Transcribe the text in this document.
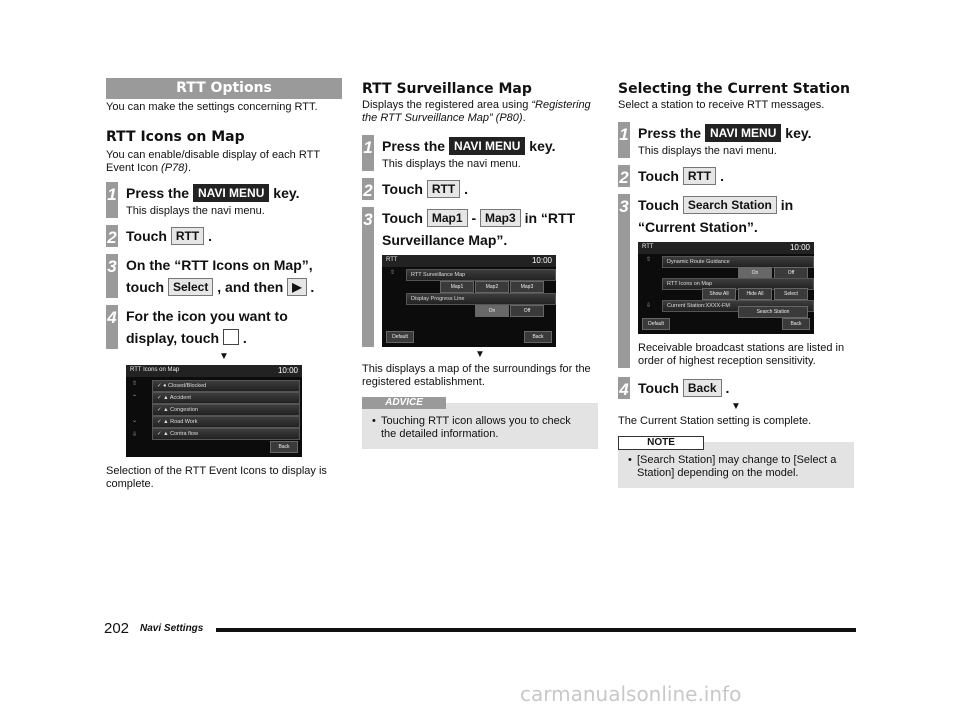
RTT Options
You can make the settings concerning RTT.
RTT Icons on Map
You can enable/disable display of each RTT Event Icon (P78).
1 Press the NAVI MENU key.
This displays the navi menu.
2 Touch RTT .
3 On the “RTT Icons on Map”,
touch Select , and then ▶ .
4 For the icon you want to
display, touch .
▼
RTT Icons on Map	10:00
⇧
⌃
⌄
⇩
✓ ● Closed/Blocked
✓ ▲ Accident
✓ ▲ Congestion
✓ ▲ Road Work
✓ ▲ Contra flow
Back
Selection of the RTT Event Icons to display is complete.
RTT Surveillance Map
Displays the registered area using “Registering the RTT Surveillance Map” (P80).
1 Press the NAVI MENU key.
This displays the navi menu.
2 Touch RTT .
3 Touch Map1 - Map3 in “RTT
Surveillance Map”.
RTT	10:00
⇧	RTT Surveillance Map
Map1	Map2	Map3
Display Progress Line
On	Off
Default	Back
▼
This displays a map of the surroundings for the registered establishment.
ADVICE
• Touching RTT icon allows you to check the detailed information.
Selecting the Current Station
Select a station to receive RTT messages.
1 Press the NAVI MENU key.
This displays the navi menu.
2 Touch RTT .
3 Touch Search Station in
“Current Station”.
RTT	10:00
⇧
⇩
Dynamic Route Guidance
On	Off
RTT Icons on Map
Show All	Hide All	Select
Current Station:XXXX-FM
Search Station
Default	Back
Receivable broadcast stations are listed in order of highest reception sensitivity.
4 Touch Back .
▼
The Current Station setting is complete.
NOTE
• [Search Station] may change to [Select a Station] depending on the model.
202 Navi Settings
carmanualsonline.info
